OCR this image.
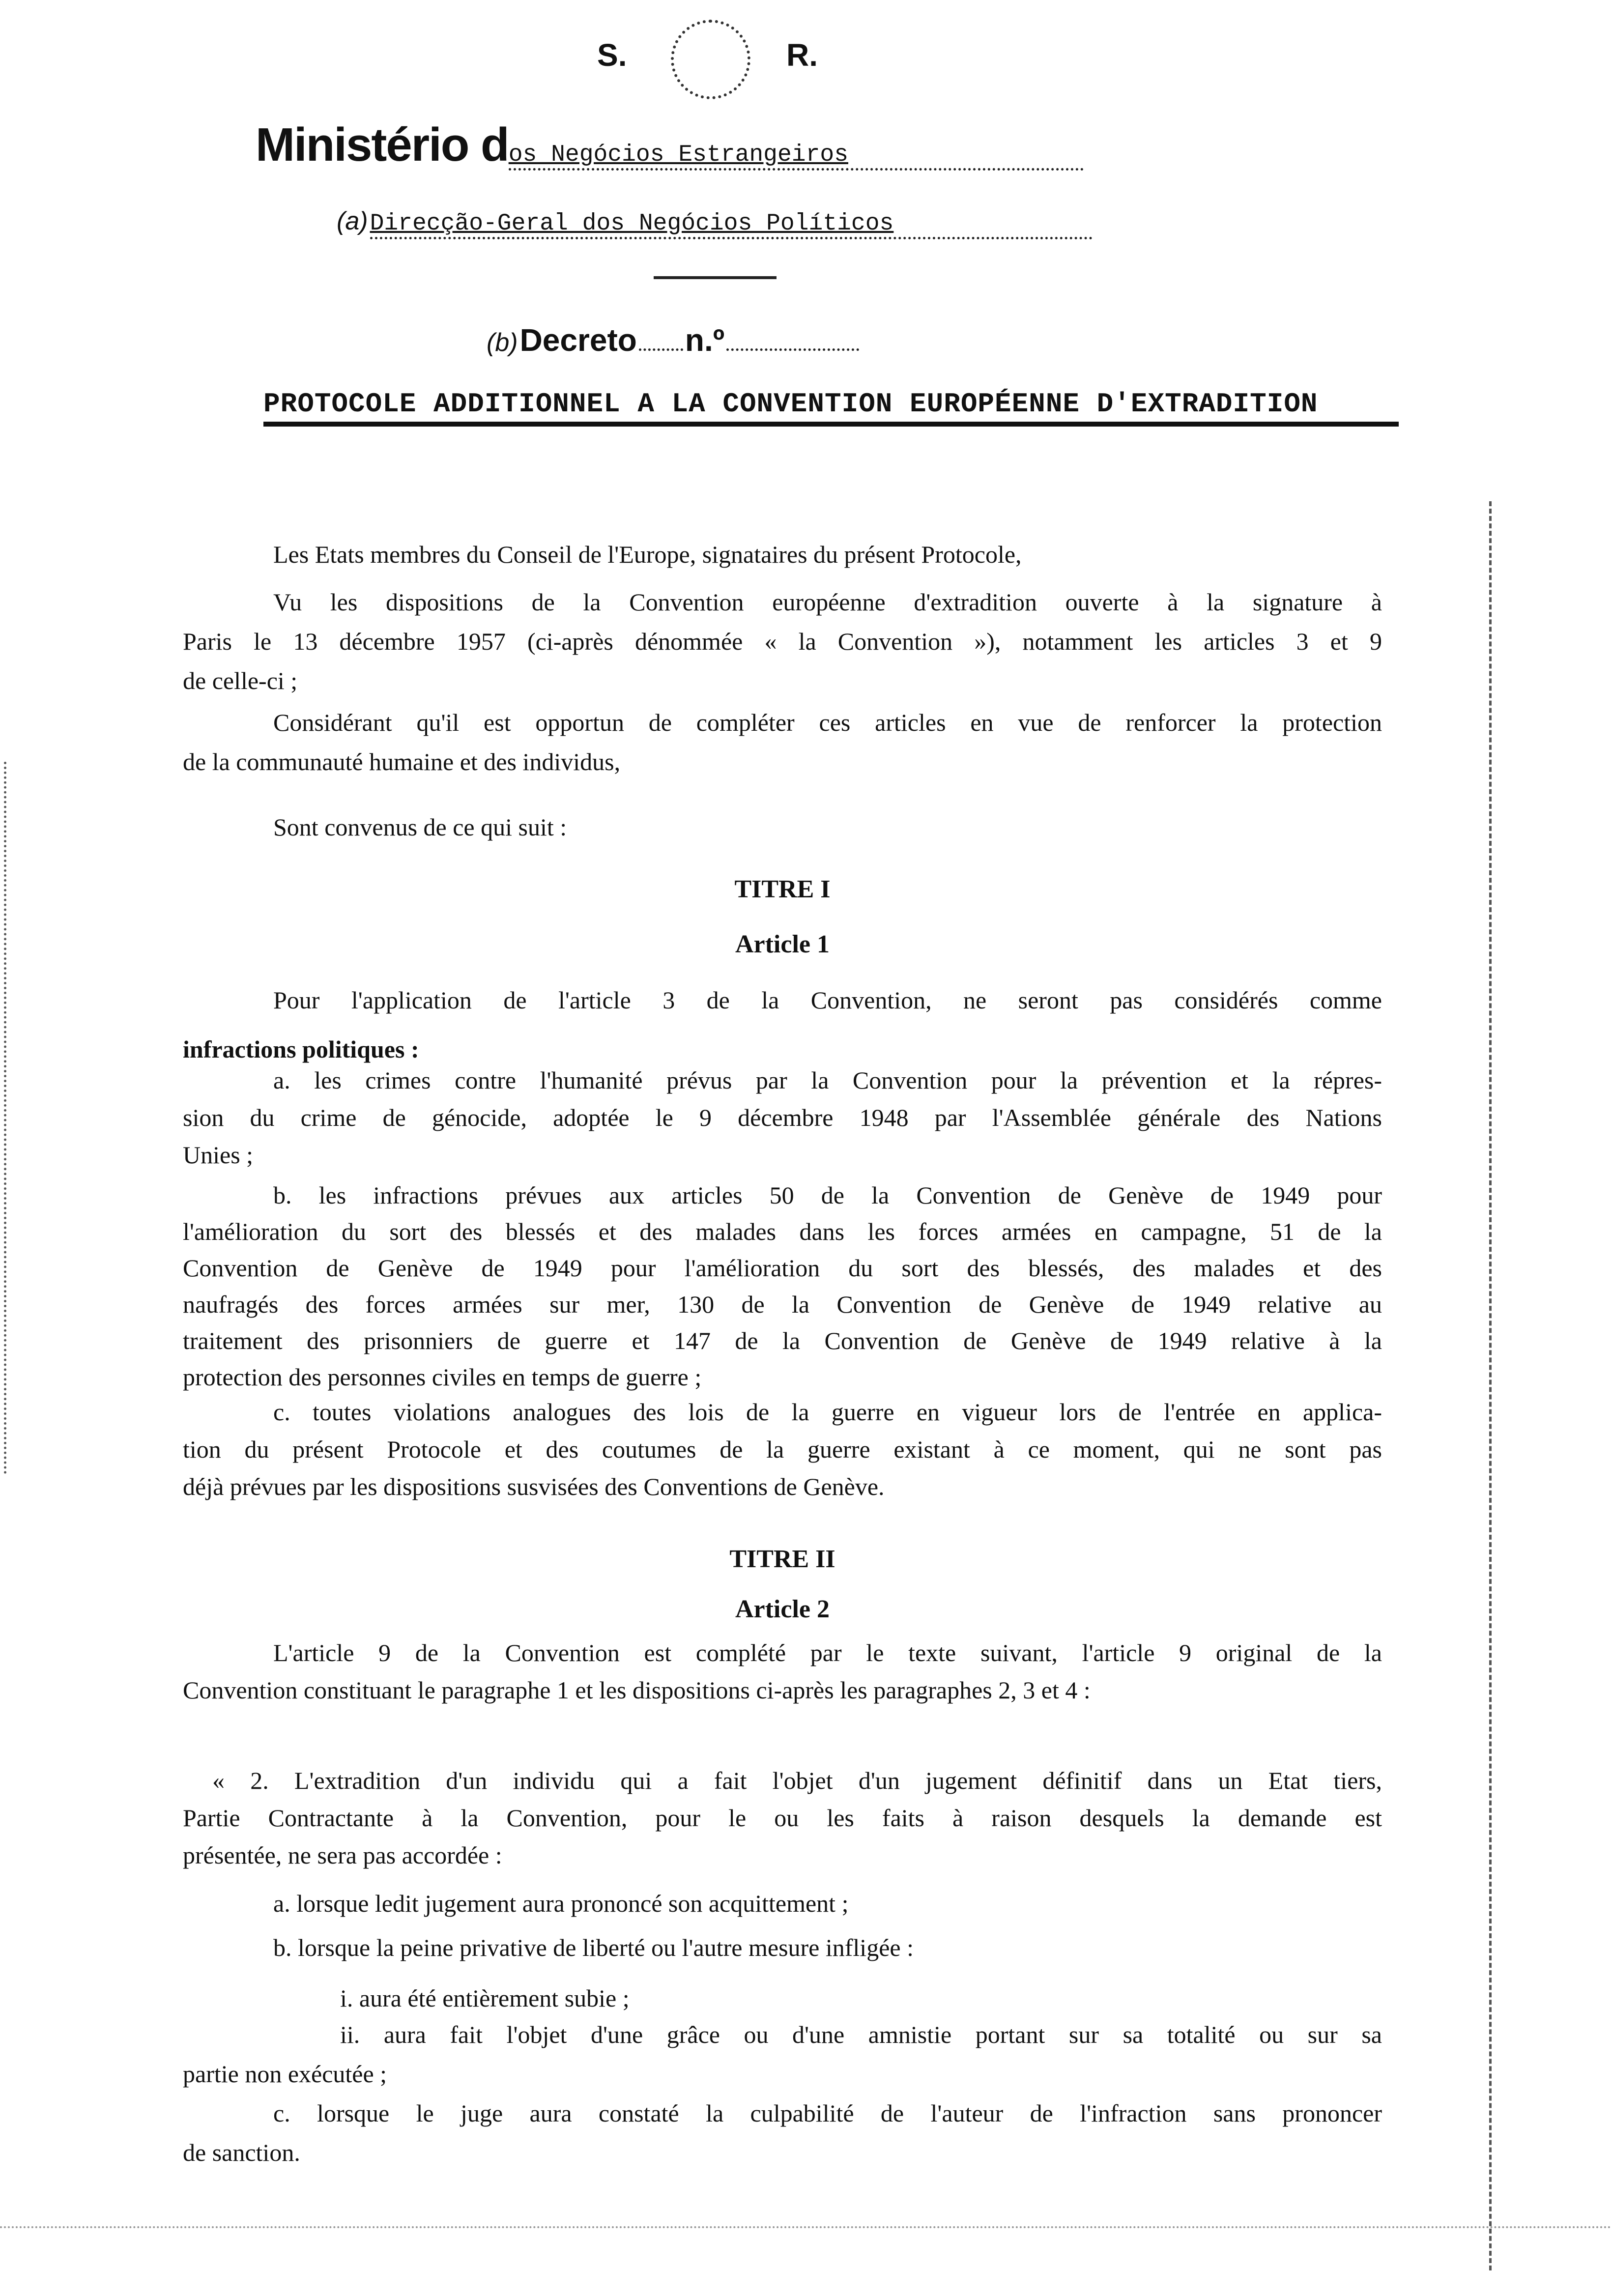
S.	R.
Ministério dos Negócios Estrangeiros
(a) Direcção-Geral dos Negócios Políticos
(b) Decreto n.º
PROTOCOLE ADDITIONNEL A LA CONVENTION EUROPÉENNE D'EXTRADITION
Les Etats membres du Conseil de l'Europe, signataires du présent Protocole,
Vu les dispositions de la Convention européenne d'extradition ouverte à la signature à
Paris le 13 décembre 1957 (ci-après dénommée « la Convention »), notamment les articles 3 et 9
de celle-ci ;
Considérant qu'il est opportun de compléter ces articles en vue de renforcer la protection
de la communauté humaine et des individus,
Sont convenus de ce qui suit :
TITRE I
Article 1
Pour l'application de l'article 3 de la Convention, ne seront pas considérés comme
infractions politiques :
a. les crimes contre l'humanité prévus par la Convention pour la prévention et la répres-
sion du crime de génocide, adoptée le 9 décembre 1948 par l'Assemblée générale des Nations
Unies ;
b. les infractions prévues aux articles 50 de la Convention de Genève de 1949 pour
l'amélioration du sort des blessés et des malades dans les forces armées en campagne, 51 de la
Convention de Genève de 1949 pour l'amélioration du sort des blessés, des malades et des
naufragés des forces armées sur mer, 130 de la Convention de Genève de 1949 relative au
traitement des prisonniers de guerre et 147 de la Convention de Genève de 1949 relative à la
protection des personnes civiles en temps de guerre ;
c. toutes violations analogues des lois de la guerre en vigueur lors de l'entrée en applica-
tion du présent Protocole et des coutumes de la guerre existant à ce moment, qui ne sont pas
déjà prévues par les dispositions susvisées des Conventions de Genève.
TITRE II
Article 2
L'article 9 de la Convention est complété par le texte suivant, l'article 9 original de la
Convention constituant le paragraphe 1 et les dispositions ci-après les paragraphes 2, 3 et 4 :
« 2. L'extradition d'un individu qui a fait l'objet d'un jugement définitif dans un Etat tiers,
Partie Contractante à la Convention, pour le ou les faits à raison desquels la demande est
présentée, ne sera pas accordée :
a. lorsque ledit jugement aura prononcé son acquittement ;
b. lorsque la peine privative de liberté ou l'autre mesure infligée :
i. aura été entièrement subie ;
ii. aura fait l'objet d'une grâce ou d'une amnistie portant sur sa totalité ou sur sa
partie non exécutée ;
c. lorsque le juge aura constaté la culpabilité de l'auteur de l'infraction sans prononcer
de sanction.
